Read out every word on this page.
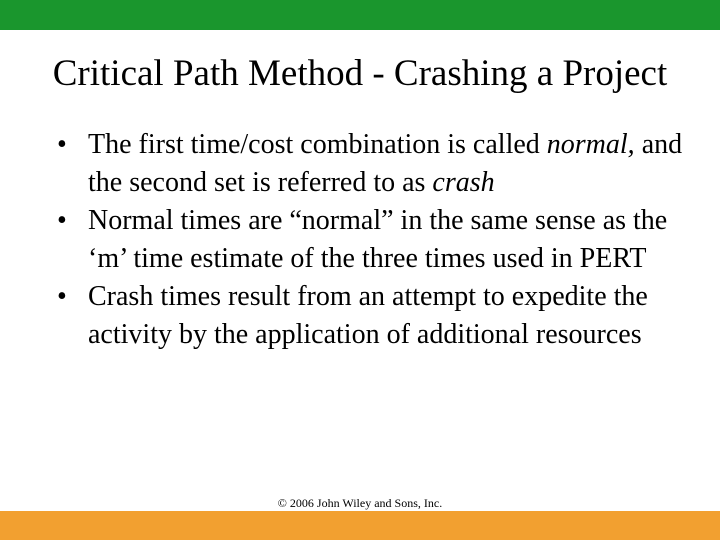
Critical Path Method - Crashing a Project
• The first time/cost combination is called normal, and the second set is referred to as crash
• Normal times are “normal” in the same sense as the ‘m’ time estimate of the three times used in PERT
• Crash times result from an attempt to expedite the activity by the application of additional resources
© 2006 John Wiley and Sons, Inc.
